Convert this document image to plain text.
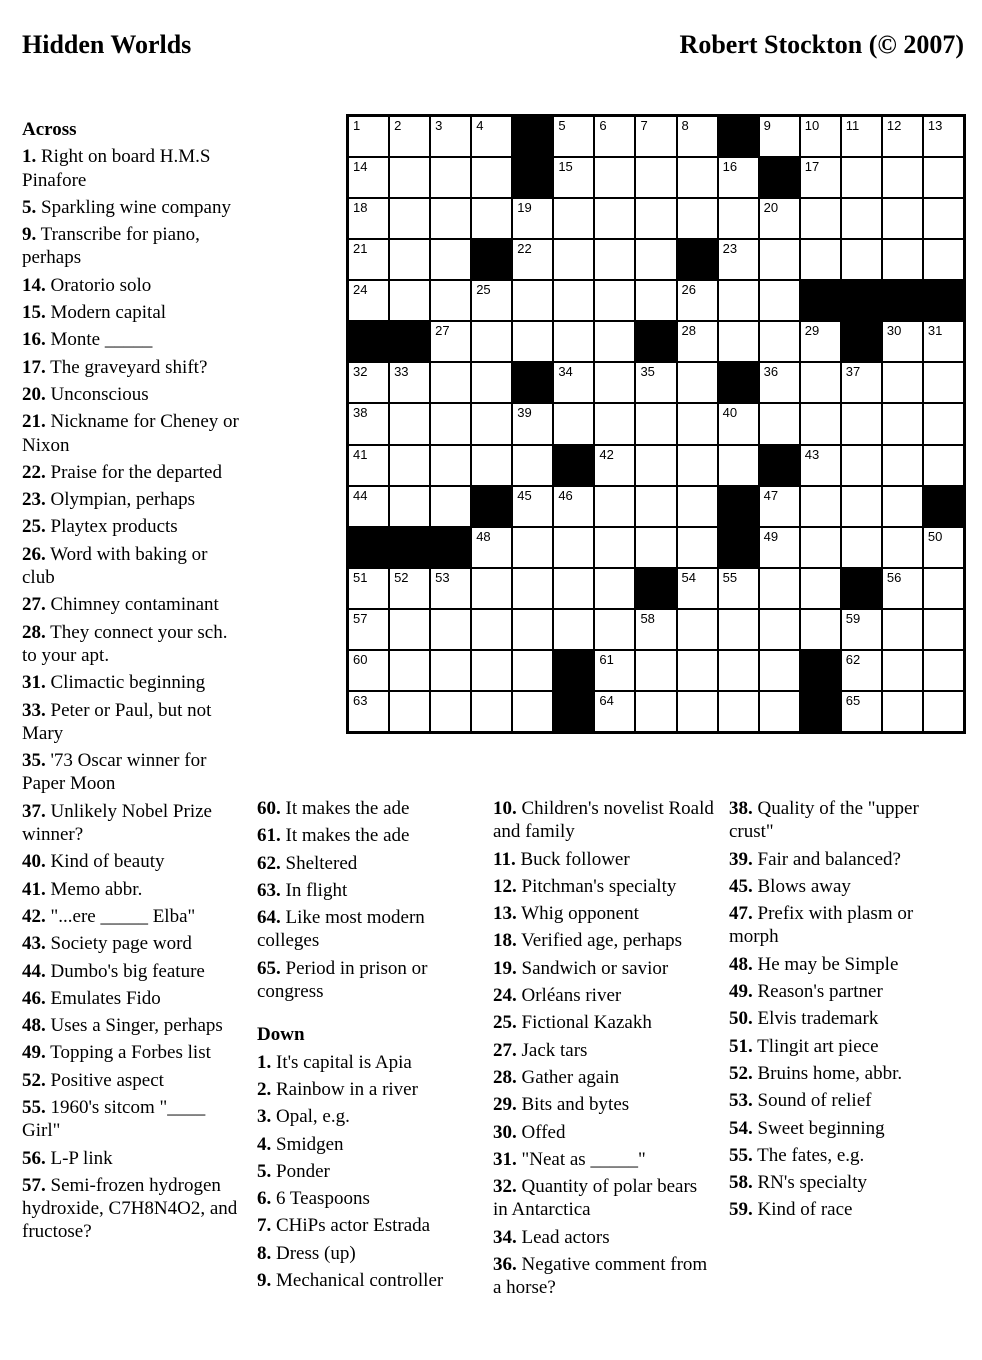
Hidden Worlds	Robert Stockton (© 2007)
1	2	3	4	5	6	7	8	9	10 11 12 13
14	15	16	17
18	19	20
21	22	23
24	25	26
27	28	29	30 31
32 33	34	35	36	37
38	39	40
41	42	43
44	45 46	47
48	49	50
51 52 53	54 55	56
57	58	59
60	61	62
63	64	65
Across
1. Right on board H.M.S Pinafore
5. Sparkling wine company
9. Transcribe for piano, perhaps
14. Oratorio solo
15. Modern capital
16. Monte _____
17. The graveyard shift?
20. Unconscious
21. Nickname for Cheney or Nixon
22. Praise for the departed
23. Olympian, perhaps
25. Playtex products
26. Word with baking or club
27. Chimney contaminant
28. They connect your sch. to your apt.
31. Climactic beginning
33. Peter or Paul, but not Mary
35. '73 Oscar winner for Paper Moon
37. Unlikely Nobel Prize winner?
40. Kind of beauty
41. Memo abbr.
42. "...ere _____ Elba"
43. Society page word
44. Dumbo's big feature
46. Emulates Fido
48. Uses a Singer, perhaps
49. Topping a Forbes list
52. Positive aspect
55. 1960's sitcom "____ Girl"
56. L-P link
57. Semi-frozen hydrogen hydroxide, C7H8N4O2, and fructose?
60. It makes the ade
61. It makes the ade
62. Sheltered
63. In flight
64. Like most modern colleges
65. Period in prison or congress
Down
1. It's capital is Apia
2. Rainbow in a river
3. Opal, e.g.
4. Smidgen
5. Ponder
6. 6 Teaspoons
7. CHiPs actor Estrada
8. Dress (up)
9. Mechanical controller
10. Children's novelist Roald and family
11. Buck follower
12. Pitchman's specialty
13. Whig opponent
18. Verified age, perhaps
19. Sandwich or savior
24. Orléans river
25. Fictional Kazakh
27. Jack tars
28. Gather again
29. Bits and bytes
30. Offed
31. "Neat as _____"
32. Quantity of polar bears in Antarctica
34. Lead actors
36. Negative comment from a horse?
38. Quality of the "upper crust"
39. Fair and balanced?
45. Blows away
47. Prefix with plasm or morph
48. He may be Simple
49. Reason's partner
50. Elvis trademark
51. Tlingit art piece
52. Bruins home, abbr.
53. Sound of relief
54. Sweet beginning
55. The fates, e.g.
58. RN's specialty
59. Kind of race
